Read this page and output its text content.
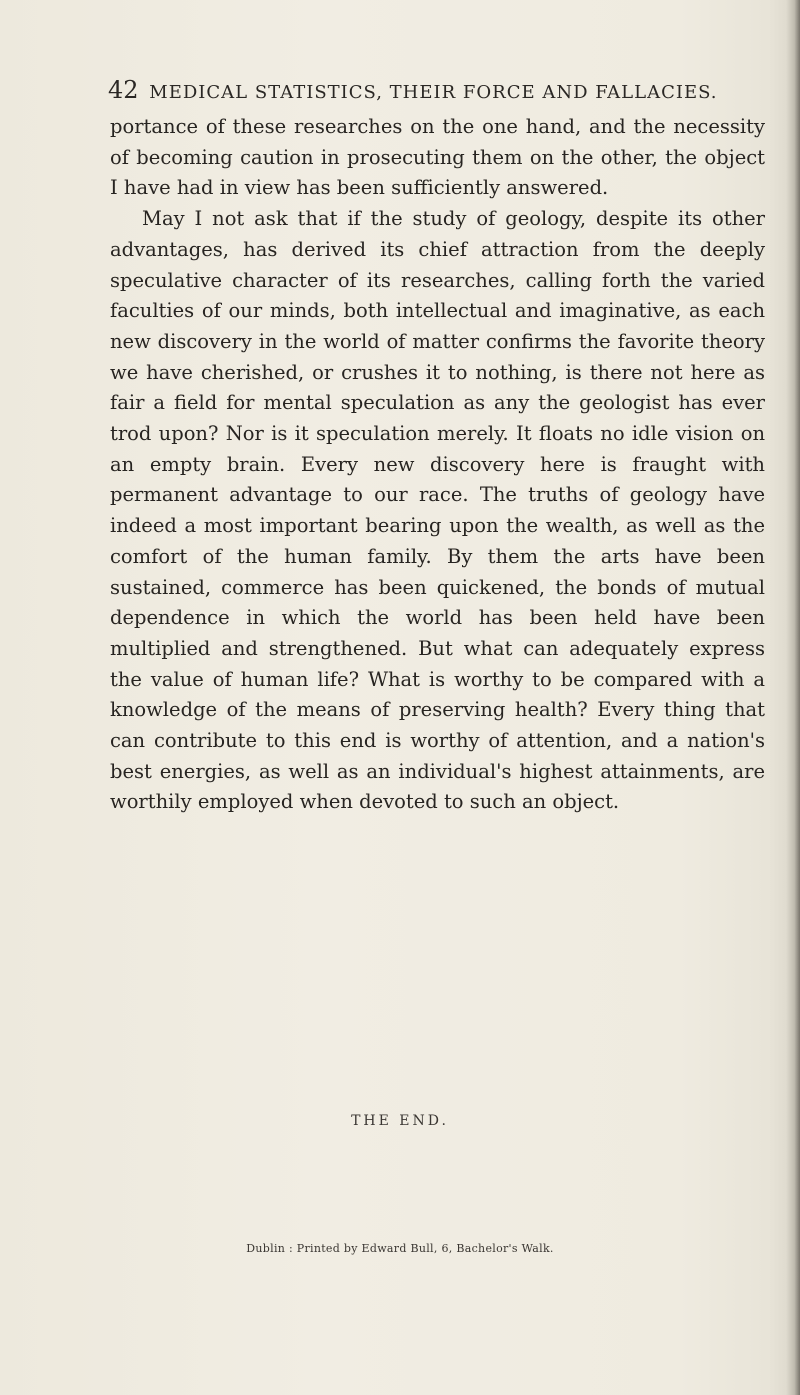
42 MEDICAL STATISTICS, THEIR FORCE AND FALLACIES.

portance of these researches on the one hand, and the necessity of becoming caution in prosecuting them on the other, the object I have had in view has been sufficiently answered.

May I not ask that if the study of geology, despite its other advantages, has derived its chief attraction from the deeply speculative character of its researches, calling forth the varied faculties of our minds, both intellectual and imaginative, as each new discovery in the world of matter confirms the favorite theory we have cherished, or crushes it to nothing, is there not here as fair a field for mental speculation as any the geologist has ever trod upon? Nor is it speculation merely. It floats no idle vision on an empty brain. Every new discovery here is fraught with permanent advantage to our race. The truths of geology have indeed a most important bearing upon the wealth, as well as the comfort of the human family. By them the arts have been sustained, commerce has been quickened, the bonds of mutual dependence in which the world has been held have been multiplied and strengthened. But what can adequately express the value of human life? What is worthy to be compared with a knowledge of the means of preserving health? Every thing that can contribute to this end is worthy of attention, and a nation's best energies, as well as an individual's highest attainments, are worthily employed when devoted to such an object.

THE END.
Dublin : Printed by Edward Bull, 6, Bachelor's Walk.
